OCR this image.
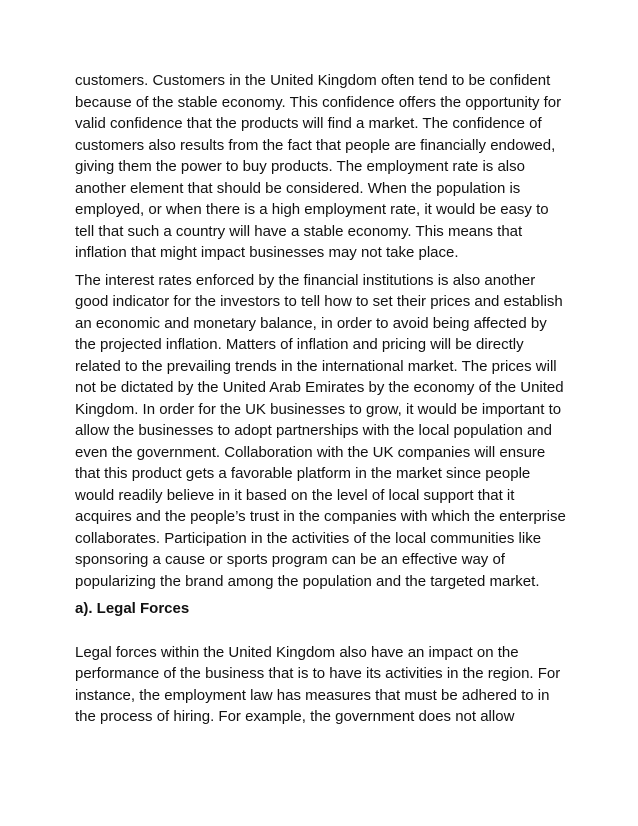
customers. Customers in the United Kingdom often tend to be confident because of the stable economy. This confidence offers the opportunity for valid confidence that the products will find a market. The confidence of customers also results from the fact that people are financially endowed, giving them the power to buy products. The employment rate is also another element that should be considered. When the population is employed, or when there is a high employment rate, it would be easy to tell that such a country will have a stable economy. This means that inflation that might impact businesses may not take place.

The interest rates enforced by the financial institutions is also another good indicator for the investors to tell how to set their prices and establish an economic and monetary balance, in order to avoid being affected by the projected inflation. Matters of inflation and pricing will be directly related to the prevailing trends in the international market. The prices will not be dictated by the United Arab Emirates by the economy of the United Kingdom. In order for the UK businesses to grow, it would be important to allow the businesses to adopt partnerships with the local population and even the government. Collaboration with the UK companies will ensure that this product gets a favorable platform in the market since people would readily believe in it based on the level of local support that it acquires and the people’s trust in the companies with which the enterprise collaborates. Participation in the activities of the local communities like sponsoring a cause or sports program can be an effective way of popularizing the brand among the population and the targeted market.

a). Legal Forces

Legal forces within the United Kingdom also have an impact on the performance of the business that is to have its activities in the region. For instance, the employment law has measures that must be adhered to in the process of hiring. For example, the government does not allow
